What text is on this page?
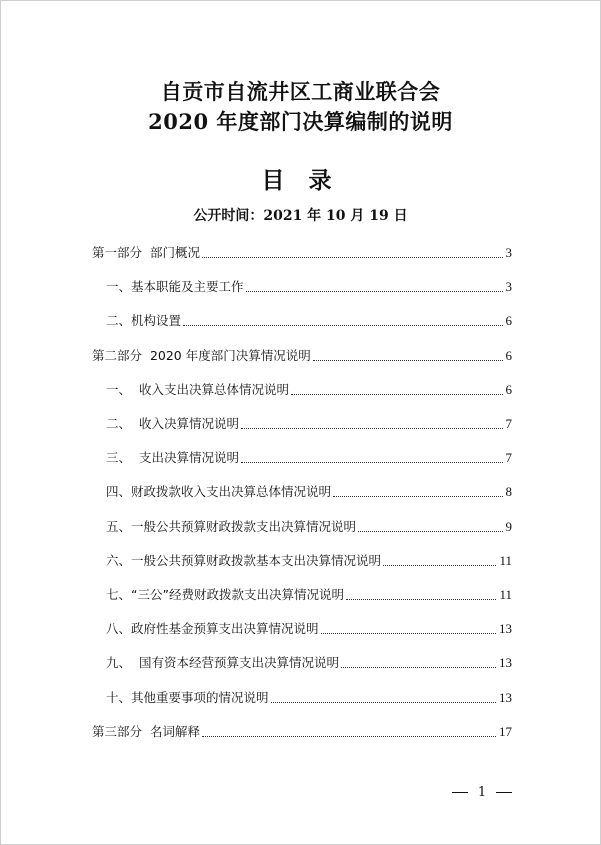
自贡市自流井区工商业联合会
2020 年度部门决算编制的说明
目 录
公开时间：2021 年 10 月 19 日
第一部分  部门概况	3
一、基本职能及主要工作	3
二、机构设置	6
第二部分  2020 年度部门决算情况说明	6
一、  收入支出决算总体情况说明	6
二、  收入决算情况说明	7
三、  支出决算情况说明	7
四、财政拨款收入支出决算总体情况说明	8
五、一般公共预算财政拨款支出决算情况说明	9
六、一般公共预算财政拨款基本支出决算情况说明	11
七、“三公”经费财政拨款支出决算情况说明	11
八、政府性基金预算支出决算情况说明	13
九、  国有资本经营预算支出决算情况说明	13
十、其他重要事项的情况说明	13
第三部分  名词解释	17
1
